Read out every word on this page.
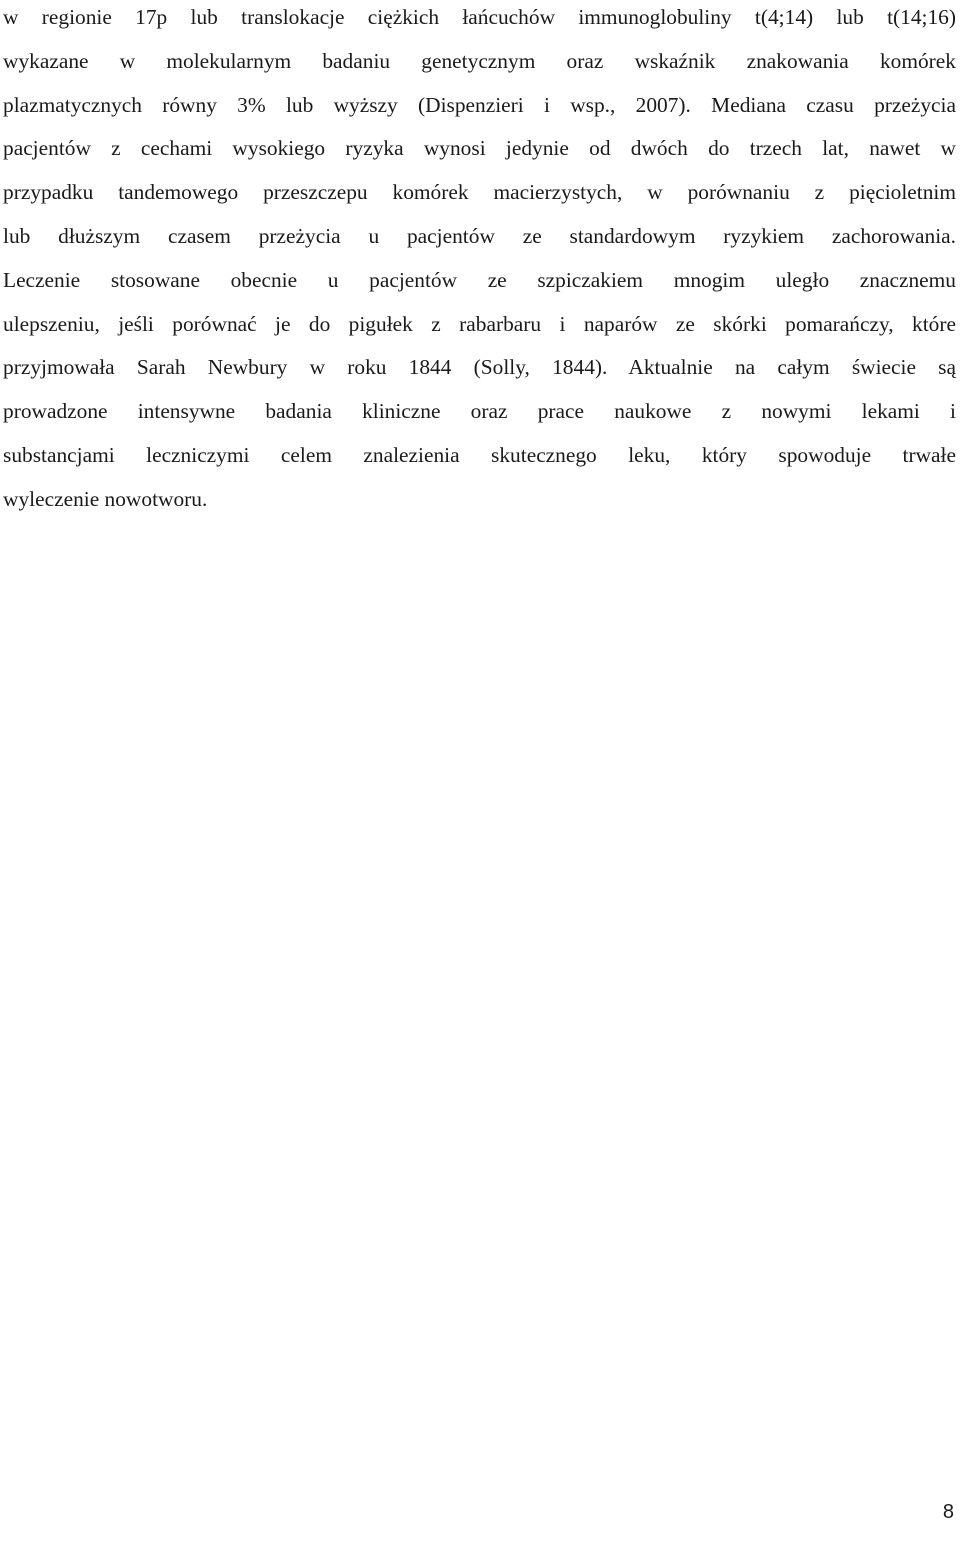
w regionie 17p lub translokacje ciężkich łańcuchów immunoglobuliny t(4;14) lub t(14;16)
wykazane w molekularnym badaniu genetycznym oraz wskaźnik znakowania komórek
plazmatycznych równy 3% lub wyższy (Dispenzieri i wsp., 2007). Mediana czasu przeżycia
pacjentów z cechami wysokiego ryzyka wynosi jedynie od dwóch do trzech lat, nawet w
przypadku tandemowego przeszczepu komórek macierzystych, w porównaniu z pięcioletnim
lub dłuższym czasem przeżycia u pacjentów ze standardowym ryzykiem zachorowania.
Leczenie stosowane obecnie u pacjentów ze szpiczakiem mnogim uległo znacznemu
ulepszeniu, jeśli porównać je do pigułek z rabarbaru i naparów ze skórki pomarańczy, które
przyjmowała Sarah Newbury w roku 1844 (Solly, 1844). Aktualnie na całym świecie są
prowadzone intensywne badania kliniczne oraz prace naukowe z nowymi lekami i
substancjami leczniczymi celem znalezienia skutecznego leku, który spowoduje trwałe
wyleczenie nowotworu.

8
